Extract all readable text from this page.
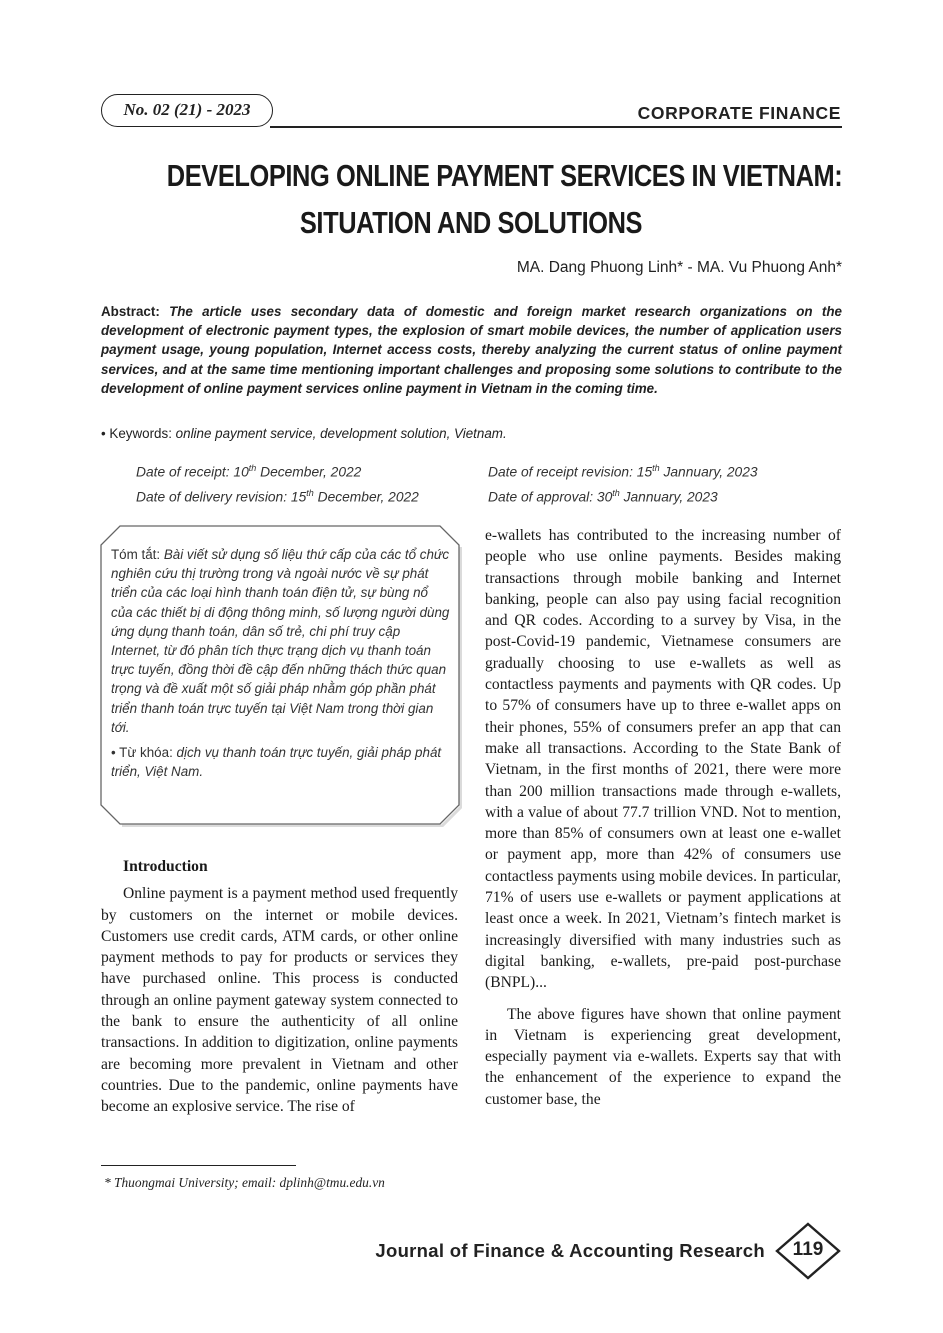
No. 02 (21) - 2023	CORPORATE FINANCE
DEVELOPING ONLINE PAYMENT SERVICES IN VIETNAM:
SITUATION AND SOLUTIONS
MA. Dang Phuong Linh* - MA. Vu Phuong Anh*
Abstract: The article uses secondary data of domestic and foreign market research organizations on the development of electronic payment types, the explosion of smart mobile devices, the number of application users payment usage, young population, Internet access costs, thereby analyzing the current status of online payment services, and at the same time mentioning important challenges and proposing some solutions to contribute to the development of online payment services online payment in Vietnam in the coming time.
• Keywords: online payment service, development solution, Vietnam.
Date of receipt: 10th December, 2022	Date of receipt revision: 15th Jannuary, 2023
Date of delivery revision: 15th December, 2022	Date of approval: 30th Jannuary, 2023
Tóm tắt: Bài viết sử dụng số liệu thứ cấp của các tổ chức nghiên cứu thị trường trong và ngoài nước về sự phát triển của các loại hình thanh toán điện tử, sự bùng nổ của các thiết bị di động thông minh, số lượng người dùng ứng dụng thanh toán, dân số trẻ, chi phí truy cập Internet, từ đó phân tích thực trạng dịch vụ thanh toán trực tuyến, đồng thời đề cập đến những thách thức quan trọng và đề xuất một số giải pháp nhằm góp phần phát triển thanh toán trực tuyến tại Việt Nam trong thời gian tới.
• Từ khóa: dịch vụ thanh toán trực tuyến, giải pháp phát triển, Việt Nam.
Introduction

Online payment is a payment method used frequently by customers on the internet or mobile devices. Customers use credit cards, ATM cards, or other online payment methods to pay for products or services they have purchased online. This process is conducted through an online payment gateway system connected to the bank to ensure the authenticity of all online transactions. In addition to digitization, online payments are becoming more prevalent in Vietnam and other countries. Due to the pandemic, online payments have become an explosive service. The rise of

e-wallets has contributed to the increasing number of people who use online payments. Besides making transactions through mobile banking and Internet banking, people can also pay using facial recognition and QR codes. According to a survey by Visa, in the post-Covid-19 pandemic, Vietnamese consumers are gradually choosing to use e-wallets as well as contactless payments and payments with QR codes. Up to 57% of consumers have up to three e-wallet apps on their phones, 55% of consumers prefer an app that can make all transactions. According to the State Bank of Vietnam, in the first months of 2021, there were more than 200 million transactions made through e-wallets, with a value of about 77.7 trillion VND. Not to mention, more than 85% of consumers own at least one e-wallet or payment app, more than 42% of consumers use contactless payments using mobile devices. In particular, 71% of users use e-wallets or payment applications at least once a week. In 2021, Vietnam’s fintech market is increasingly diversified with many industries such as digital banking, e-wallets, pre-paid post-purchase (BNPL)...

The above figures have shown that online payment in Vietnam is experiencing great development, especially payment via e-wallets. Experts say that with the enhancement of the experience to expand the customer base, the

* Thuongmai University; email: dplinh@tmu.edu.vn
Journal of Finance & Accounting Research	119
